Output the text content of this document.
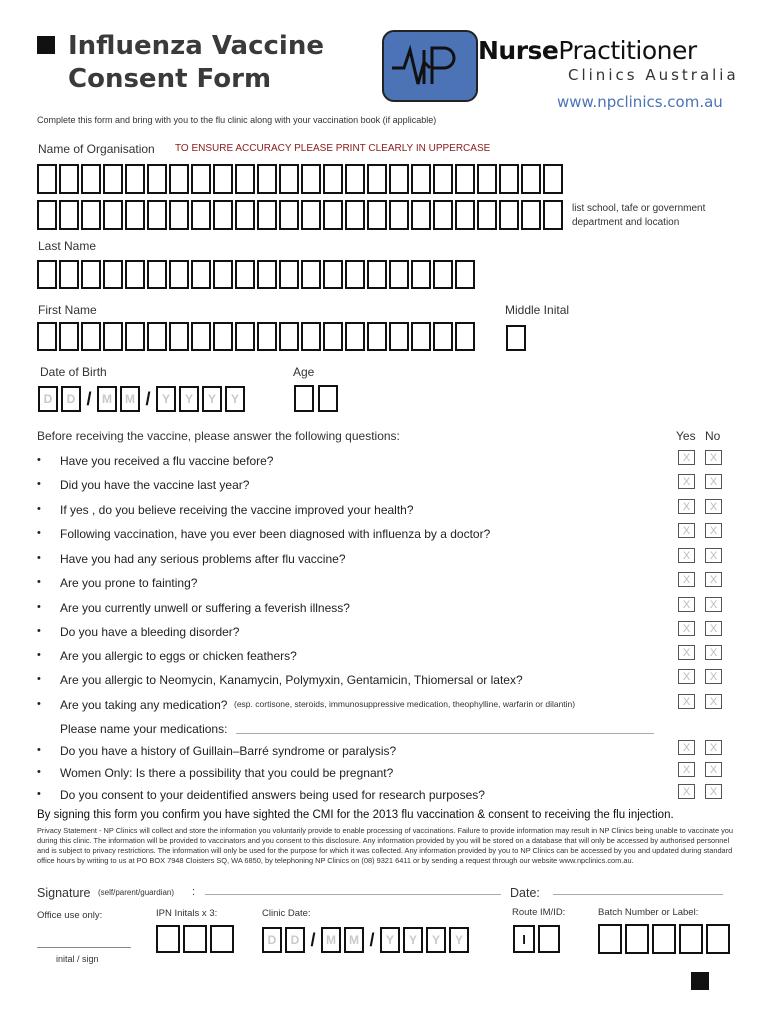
Influenza Vaccine
Consent Form
Complete this form and bring with you to the flu clinic along with your vaccination book (if applicable)
NursePractitioner
Clinics Australia
www.npclinics.com.au
Name of Organisation TO ENSURE ACCURACY PLEASE PRINT CLEARLY IN UPPERCASE
list school, tafe or government department and location
Last Name
First Name	Middle Inital
Date of Birth	Age
D	D / M	M / Y	Y	Y	Y
Before receiving the vaccine, please answer the following questions:	Yes No
• Have you received a flu vaccine before?	X	X
• Did you have the vaccine last year?	X	X
• If yes , do you believe receiving the vaccine improved your health?	X	X
• Following vaccination, have you ever been diagnosed with influenza by a doctor?	X	X
• Have you had any serious problems after flu vaccine?	X	X
• Are you prone to fainting?	X	X
• Are you currently unwell or suffering a feverish illness?	X	X
• Do you have a bleeding disorder?	X	X
• Are you allergic to eggs or chicken feathers?	X	X
• Are you allergic to Neomycin, Kanamycin, Polymyxin, Gentamicin, Thiomersal or latex?	X	X
• Are you taking any medication? (esp. cortisone, steroids, immunosuppressive medication, theophylline, warfarin or dilantin)	X	X
• Do you have a history of Guillain–Barré syndrome or paralysis?	X	X
• Women Only: Is there a possibility that you could be pregnant?	X	X
• Do you consent to your deidentified answers being used for research purposes?	X	X
Please name your medications:
By signing this form you confirm you have sighted the CMI for the 2013 flu vaccination & consent to receiving the flu injection.
Privacy Statement - NP Clinics will collect and store the information you voluntarily provide to enable processing of vaccinations. Failure to provide information may result in NP Clinics being unable to vaccinate you during this clinic. The information will be provided to vaccinators and you consent to this disclosure. Any information provided by you will be stored on a database that will only be accessed by authorised personnel and is subject to privacy restrictions. The information will only be used for the purpose for which it was collected. Any information provided by you to NP Clinics can be accessed by you and updated during standard office hours by writing to us at PO BOX 7948 Cloisters SQ, WA 6850, by telephoning NP Clinics on (08) 9321 6411 or by sending a request through our website www.npclinics.com.au.
Signature (self/parent/guardian) :	Date:
Office use only:	IPN Initals x 3:	Clinic Date:	Route IM/ID:	Batch Number or Label:
inital / sign
D	D / M	M / Y	Y	Y	Y	I
